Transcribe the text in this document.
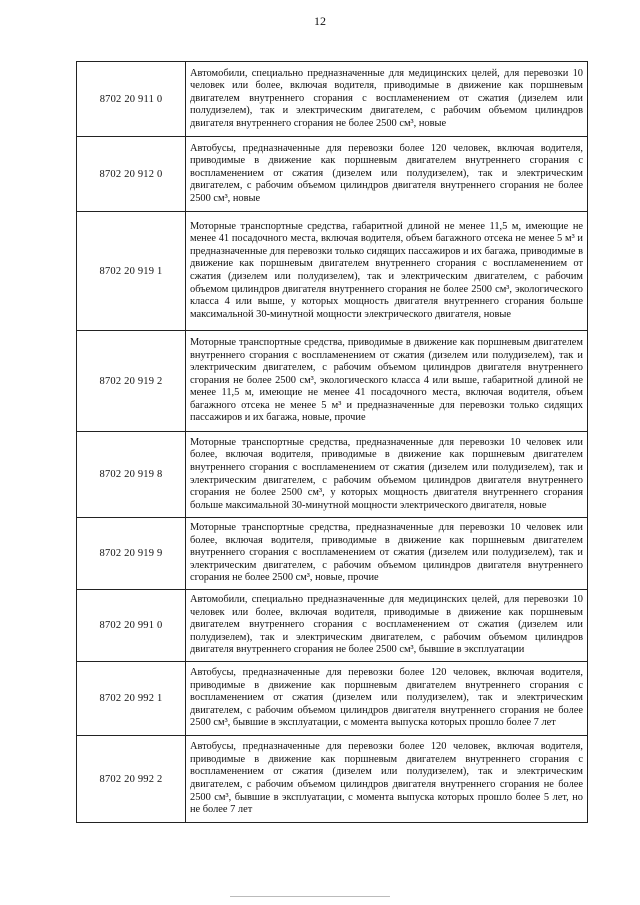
12
8702 20 911 0	Автомобили, специально предназначенные для медицинских целей, для перевозки 10 человек или более, включая водителя, приводимые в движение как поршневым двигателем внутреннего сгорания с воспламенением от сжатия (дизелем или полудизелем), так и электрическим двигателем, с рабочим объемом цилиндров двигателя внутреннего сгорания не более 2500 см³, новые
8702 20 912 0	Автобусы, предназначенные для перевозки более 120 человек, включая водителя, приводимые в движение как поршневым двигателем внутреннего сгорания с воспламенением от сжатия (дизелем или полудизелем), так и электрическим двигателем, с рабочим объемом цилиндров двигателя внутреннего сгорания не более 2500 см³, новые
8702 20 919 1	Моторные транспортные средства, габаритной длиной не менее 11,5 м, имеющие не менее 41 посадочного места, включая водителя, объем багажного отсека не менее 5 м³ и предназначенные для перевозки только сидящих пассажиров и их багажа, приводимые в движение как поршневым двигателем внутреннего сгорания с воспламенением от сжатия (дизелем или полудизелем), так и электрическим двигателем, с рабочим объемом цилиндров двигателя внутреннего сгорания не более 2500 см³, экологического класса 4 или выше, у которых мощность двигателя внутреннего сгорания больше максимальной 30-минутной мощности электрического двигателя, новые
8702 20 919 2	Моторные транспортные средства, приводимые в движение как поршневым двигателем внутреннего сгорания с воспламенением от сжатия (дизелем или полудизелем), так и электрическим двигателем, с рабочим объемом цилиндров двигателя внутреннего сгорания не более 2500 см³, экологического класса 4 или выше, габаритной длиной не менее 11,5 м, имеющие не менее 41 посадочного места, включая водителя, объем багажного отсека не менее 5 м³ и предназначенные для перевозки только сидящих пассажиров и их багажа, новые, прочие
8702 20 919 8	Моторные транспортные средства, предназначенные для перевозки 10 человек или более, включая водителя, приводимые в движение как поршневым двигателем внутреннего сгорания с воспламенением от сжатия (дизелем или полудизелем), так и электрическим двигателем, с рабочим объемом цилиндров двигателя внутреннего сгорания не более 2500 см³, у которых мощность двигателя внутреннего сгорания больше максимальной 30-минутной мощности электрического двигателя, новые
8702 20 919 9	Моторные транспортные средства, предназначенные для перевозки 10 человек или более, включая водителя, приводимые в движение как поршневым двигателем внутреннего сгорания с воспламенением от сжатия (дизелем или полудизелем), так и электрическим двигателем, с рабочим объемом цилиндров двигателя внутреннего сгорания не более 2500 см³, новые, прочие
8702 20 991 0	Автомобили, специально предназначенные для медицинских целей, для перевозки 10 человек или более, включая водителя, приводимые в движение как поршневым двигателем внутреннего сгорания с воспламенением от сжатия (дизелем или полудизелем), так и электрическим двигателем, с рабочим объемом цилиндров двигателя внутреннего сгорания не более 2500 см³, бывшие в эксплуатации
8702 20 992 1	Автобусы, предназначенные для перевозки более 120 человек, включая водителя, приводимые в движение как поршневым двигателем внутреннего сгорания с воспламенением от сжатия (дизелем или полудизелем), так и электрическим двигателем, с рабочим объемом цилиндров двигателя внутреннего сгорания не более 2500 см³, бывшие в эксплуатации, с момента выпуска которых прошло более 7 лет
8702 20 992 2	Автобусы, предназначенные для перевозки более 120 человек, включая водителя, приводимые в движение как поршневым двигателем внутреннего сгорания с воспламенением от сжатия (дизелем или полудизелем), так и электрическим двигателем, с рабочим объемом цилиндров двигателя внутреннего сгорания не более 2500 см³, бывшие в эксплуатации, с момента выпуска которых прошло более 5 лет, но не более 7 лет
